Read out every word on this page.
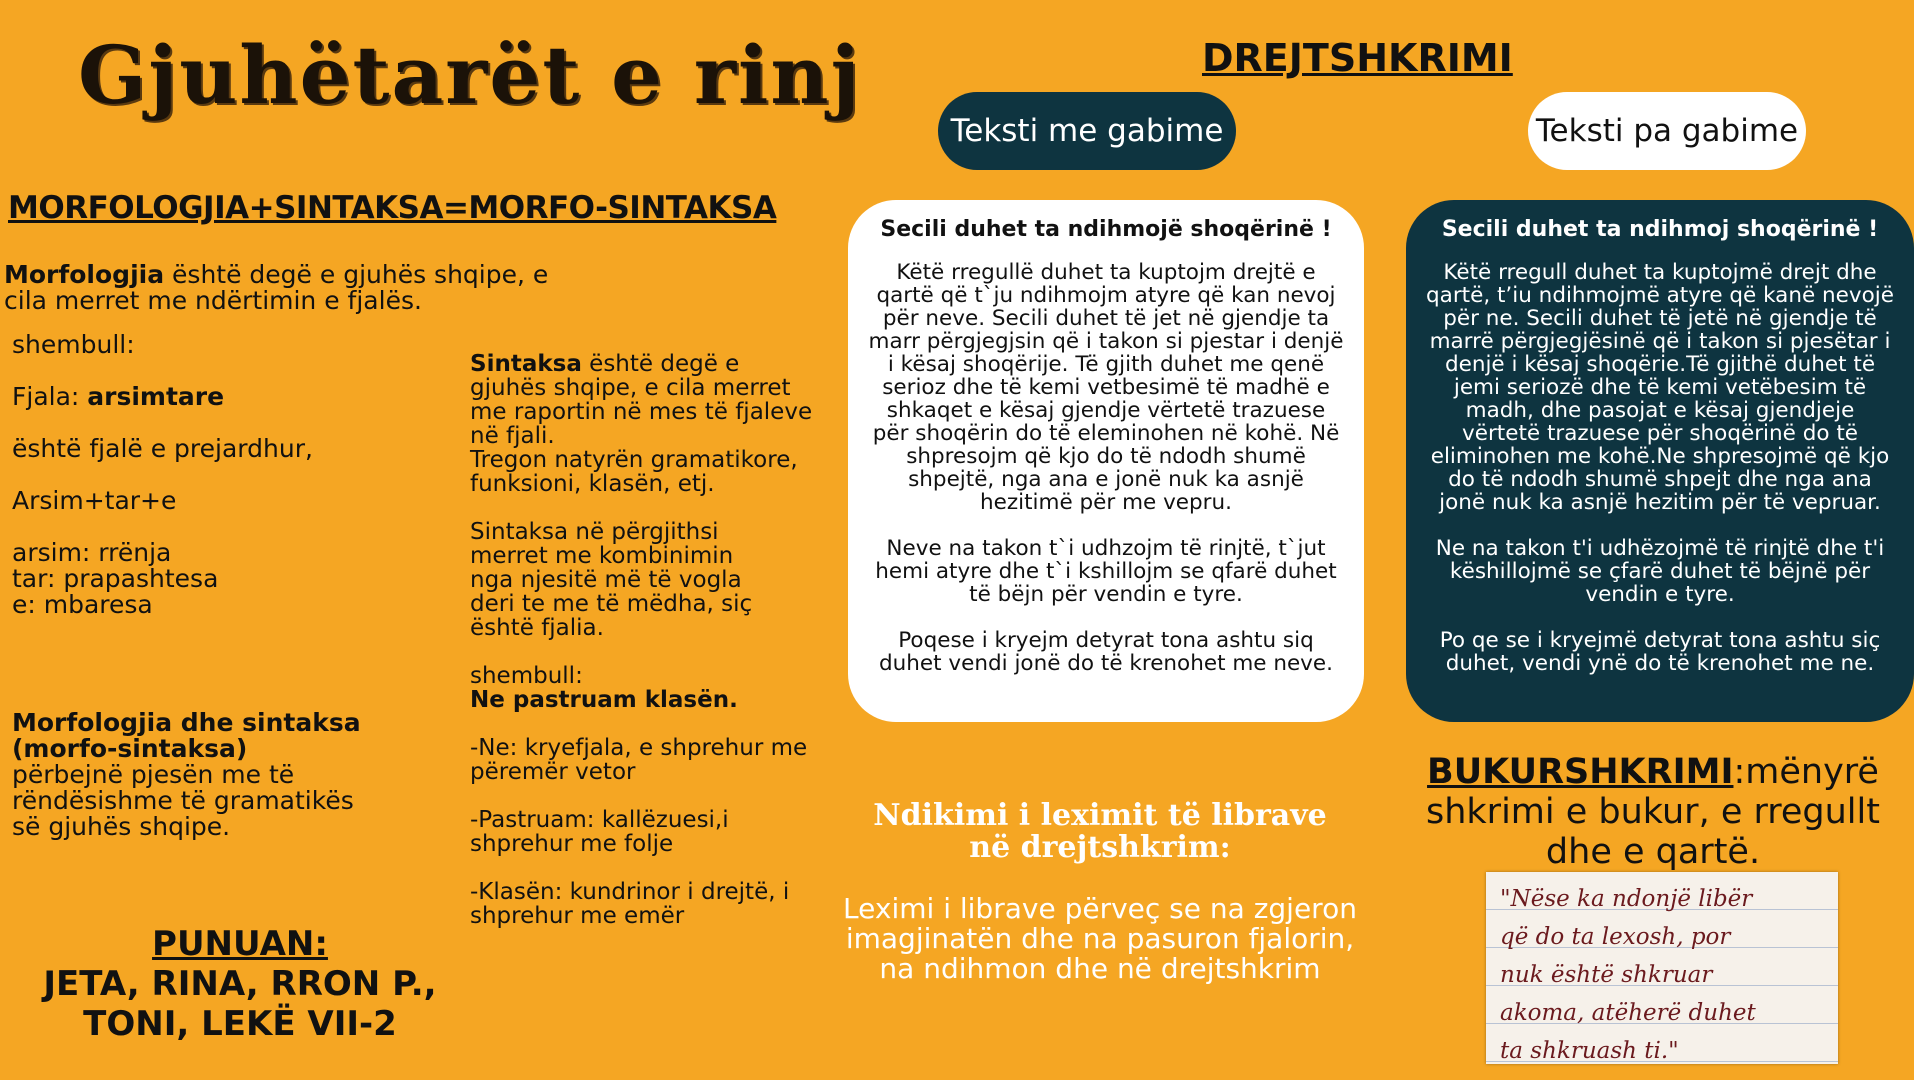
Gjuhëtarët e rinj
MORFOLOGJIA+SINTAKSA=MORFO-SINTAKSA
Morfologjia është degë e gjuhës shqipe, e
cila merret me ndërtimin e fjalës.

shembull:

Fjala: arsimtare

është fjalë e prejardhur,

Arsim+tar+e

arsim: rrënja

tar: prapashtesa

e: mbaresa

Morfologjia dhe sintaksa
(morfo-sintaksa)
përbejnë pjesën me të
rëndësishme të gramatikës
së gjuhës shqipe.

Sintaksa është degë e

gjuhës shqipe, e cila merret

me raportin në mes të fjaleve

në fjali.

Tregon natyrën gramatikore,

funksioni, klasën, etj.

Sintaksa në përgjithsi

merret me kombinimin

nga njesitë më të vogla

deri te me të mëdha, siç

është fjalia.

shembull:

Ne pastruam klasën.

-Ne: kryefjala, e shprehur me

përemër vetor

-Pastruam: kallëzuesi,i

shprehur me folje

-Klasën: kundrinor i drejtë, i

shprehur me emër

PUNUAN:
JETA, RINA, RRON P.,
TONI, LEKË VII-2
DREJTSHKRIMI
Teksti me gabime	Teksti pa gabime

Secili duhet ta ndihmojë shoqërinë !

Këtë rregullë duhet ta kuptojm drejtë e qartë që t`ju ndihmojm atyre që kan nevoj për neve. Secili duhet të jet në gjendje ta marr përgjegjsin që i takon si pjestar i denjë i kësaj shoqërije. Të gjith duhet me qenë serioz dhe të kemi vetbesimë të madhë e shkaqet e kësaj gjendje vërtetë trazuese për shoqërin do të eleminohen në kohë. Në shpresojm që kjo do të ndodh shumë shpejtë, nga ana e jonë nuk ka asnjë hezitimë për me vepru.

Neve na takon t`i udhzojm të rinjtë, t`jut hemi atyre dhe t`i kshillojm se qfarë duhet të bëjn për vendin e tyre.

Poqese i kryejm detyrat tona ashtu siq duhet vendi jonë do të krenohet me neve.

Secili duhet ta ndihmoj shoqërinë !

Këtë rregull duhet ta kuptojmë drejt dhe qartë, t’iu ndihmojmë atyre që kanë nevojë për ne. Secili duhet të jetë në gjendje të marrë përgjegjësinë që i takon si pjesëtar i denjë i kësaj shoqërie.Të gjithë duhet të jemi seriozë dhe të kemi vetëbesim të madh, dhe pasojat e kësaj gjendjeje vërtetë trazuese për shoqërinë do të eliminohen me kohë.Ne shpresojmë që kjo do të ndodh shumë shpejt dhe nga ana jonë nuk ka asnjë hezitim për të vepruar.

Ne na takon t'i udhëzojmë të rinjtë dhe t'i këshillojmë se çfarë duhet të bëjnë për vendin e tyre.

Po qe se i kryejmë detyrat tona ashtu siç duhet, vendi ynë do të krenohet me ne.

Ndikimi i leximit të librave
në drejtshkrim:
Leximi i librave përveç se na zgjeron imagjinatën dhe na pasuron fjalorin, na ndihmon dhe në drejtshkrim
BUKURSHKRIMI:mënyrë shkrimi e bukur, e rregullt dhe e qartë.
"Nëse ka ndonjë libër
që do ta lexosh, por
nuk është shkruar
akoma, atëherë duhet
ta shkruash ti."
